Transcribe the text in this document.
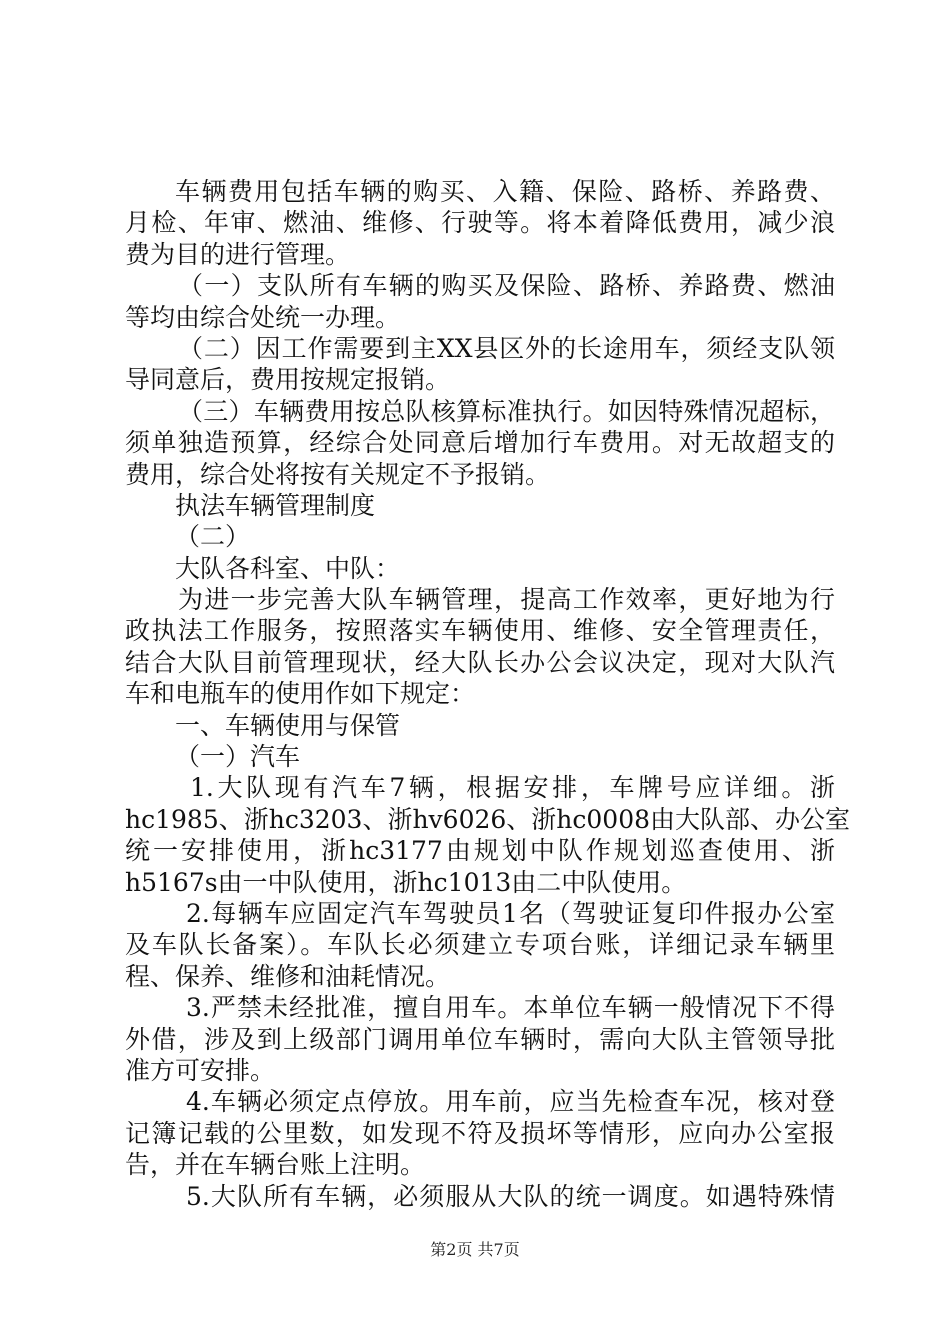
车辆费用包括车辆的购买、入籍、保险、路桥、养路费、
月检、年审、燃油、维修、行驶等。将本着降低费用，减少浪
费为目的进行管理。
（一）支队所有车辆的购买及保险、路桥、养路费、燃油
等均由综合处统一办理。
（二）因工作需要到主XX县区外的长途用车，须经支队领
导同意后，费用按规定报销。
（三）车辆费用按总队核算标准执行。如因特殊情况超标，
须单独造预算，经综合处同意后增加行车费用。对无故超支的
费用，综合处将按有关规定不予报销。
执法车辆管理制度
（二）
大队各科室、中队：
为进一步完善大队车辆管理，提高工作效率，更好地为行
政执法工作服务，按照落实车辆使用、维修、安全管理责任，
结合大队目前管理现状，经大队长办公会议决定，现对大队汽
车和电瓶车的使用作如下规定：
一、车辆使用与保管
（一）汽车
1.大队现有汽车7辆，根据安排，车牌号应详细。浙
hc1985、浙hc3203、浙hv6026、浙hc0008由大队部、办公室
统一安排使用，浙hc3177由规划中队作规划巡查使用、浙
h5167s由一中队使用，浙hc1013由二中队使用。
2.每辆车应固定汽车驾驶员1名（驾驶证复印件报办公室
及车队长备案）。车队长必须建立专项台账，详细记录车辆里
程、保养、维修和油耗情况。
3.严禁未经批准，擅自用车。本单位车辆一般情况下不得
外借，涉及到上级部门调用单位车辆时，需向大队主管领导批
准方可安排。
4.车辆必须定点停放。用车前，应当先检查车况，核对登
记簿记载的公里数，如发现不符及损坏等情形，应向办公室报
告，并在车辆台账上注明。
5.大队所有车辆，必须服从大队的统一调度。如遇特殊情
第2页 共7页
